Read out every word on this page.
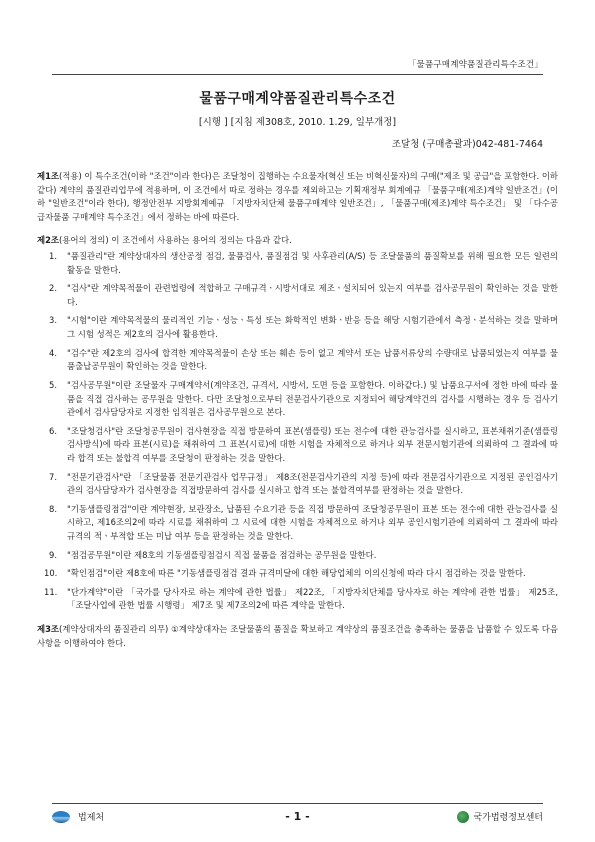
「물품구매계약품질관리특수조건」
물품구매계약품질관리특수조건
[시행 ] [지침 제308호, 2010. 1.29, 일부개정]
조달청 (구매총괄과)042-481-7464

제1조(적용) 이 특수조건(이하 "조건"이라 한다)은 조달청이 집행하는 수요물자(혁신 또는 비혁신물자)의 구매("제조 및 공급"을 포함한다. 이하 같다) 계약의 품질관리업무에 적용하며, 이 조건에서 따로 정하는 경우를 제외하고는 기획재정부 회계예규 「물품구매(제조)계약 일반조건」(이하 "일반조건"이라 한다), 행정안전부 지방회계예규 「지방자치단체 물품구매계약 일반조건」, 「물품구매(제조)계약 특수조건」 및 「다수공급자물품 구매계약 특수조건」에서 정하는 바에 따른다.

제2조(용어의 정의) 이 조건에서 사용하는 용어의 정의는 다음과 같다.

1. "품질관리"란 계약상대자의 생산공정 점검, 물품검사, 품질점검 및 사후관리(A/S) 등 조달물품의 품질확보를 위해 필요한 모든 일련의 활동을 말한다.
2. "검사"란 계약목적물이 관련법령에 적합하고 구매규격ㆍ시방서대로 제조ㆍ설치되어 있는지 여부를 검사공무원이 확인하는 것을 말한다.
3. "시험"이란 계약목적물의 물리적인 기능ㆍ성능ㆍ특성 또는 화학적인 변화ㆍ반응 등을 해당 시험기관에서 측정ㆍ분석하는 것을 말하며 그 시험 성적은 제2호의 검사에 활용한다.
4. "검수"란 제2호의 검사에 합격한 계약목적물이 손상 또는 훼손 등이 없고 계약서 또는 납품서류상의 수량대로 납품되었는지 여부를 물품출납공무원이 확인하는 것을 말한다.
5. "검사공무원"이란 조달물자 구매계약서(계약조건, 규격서, 시방서, 도면 등을 포함한다. 이하같다.) 및 납품요구서에 정한 바에 따라 물품을 직접 검사하는 공무원을 말한다. 다만 조달청으로부터 전문검사기관으로 지정되어 해당계약건의 검사를 시행하는 경우 등 검사기관에서 검사담당자로 지정한 임직원은 검사공무원으로 본다.
6. "조달청검사"란 조달청공무원이 검사현장을 직접 방문하여 표본(샘플링) 또는 전수에 대한 관능검사를 실시하고, 표본채취기준(샘플링검사방식)에 따라 표본(시료)을 채취하여 그 표본(시료)에 대한 시험을 자체적으로 하거나 외부 전문시험기관에 의뢰하여 그 결과에 따라 합격 또는 불합격 여부를 조달청이 판정하는 것을 말한다.
7. "전문기관검사"란 「조달물품 전문기관검사 업무규정」 제8조(전문검사기관의 지정 등)에 따라 전문검사기관으로 지정된 공인검사기관의 검사담당자가 검사현장을 직접방문하여 검사를 실시하고 합격 또는 불합격여부를 판정하는 것을 말한다.
8. "기동샘플링점검"이란 계약현장, 보관장소, 납품된 수요기관 등을 직접 방문하여 조달청공무원이 표본 또는 전수에 대한 관능검사를 실시하고, 제16조의2에 따라 시료를 채취하여 그 시료에 대한 시험을 자체적으로 하거나 외부 공인시험기관에 의뢰하여 그 결과에 따라 규격의 적ㆍ부적합 또는 미납 여부 등을 판정하는 것을 말한다.
9. "점검공무원"이란 제8호의 기동샘플링점검시 직접 물품을 점검하는 공무원을 말한다.
10. "확인점검"이란 제8호에 따른 "기동샘플링점검 결과 규격미달에 대한 해당업체의 이의신청에 따라 다시 점검하는 것을 말한다.
11. "단가계약"이란 「국가를 당사자로 하는 계약에 관한 법률」 제22조, 「지방자치단체를 당사자로 하는 계약에 관한 법률」 제25조, 「조달사업에 관한 법률 시행령」 제7조 및 제7조의2에 따른 계약을 말한다.

제3조(계약상대자의 품질관리 의무) ①계약상대자는 조달물품의 품질을 확보하고 계약상의 품질조건을 충족하는 물품을 납품할 수 있도록 다음 사항을 이행하여야 한다.

법제처	- 1 -	국가법령정보센터
